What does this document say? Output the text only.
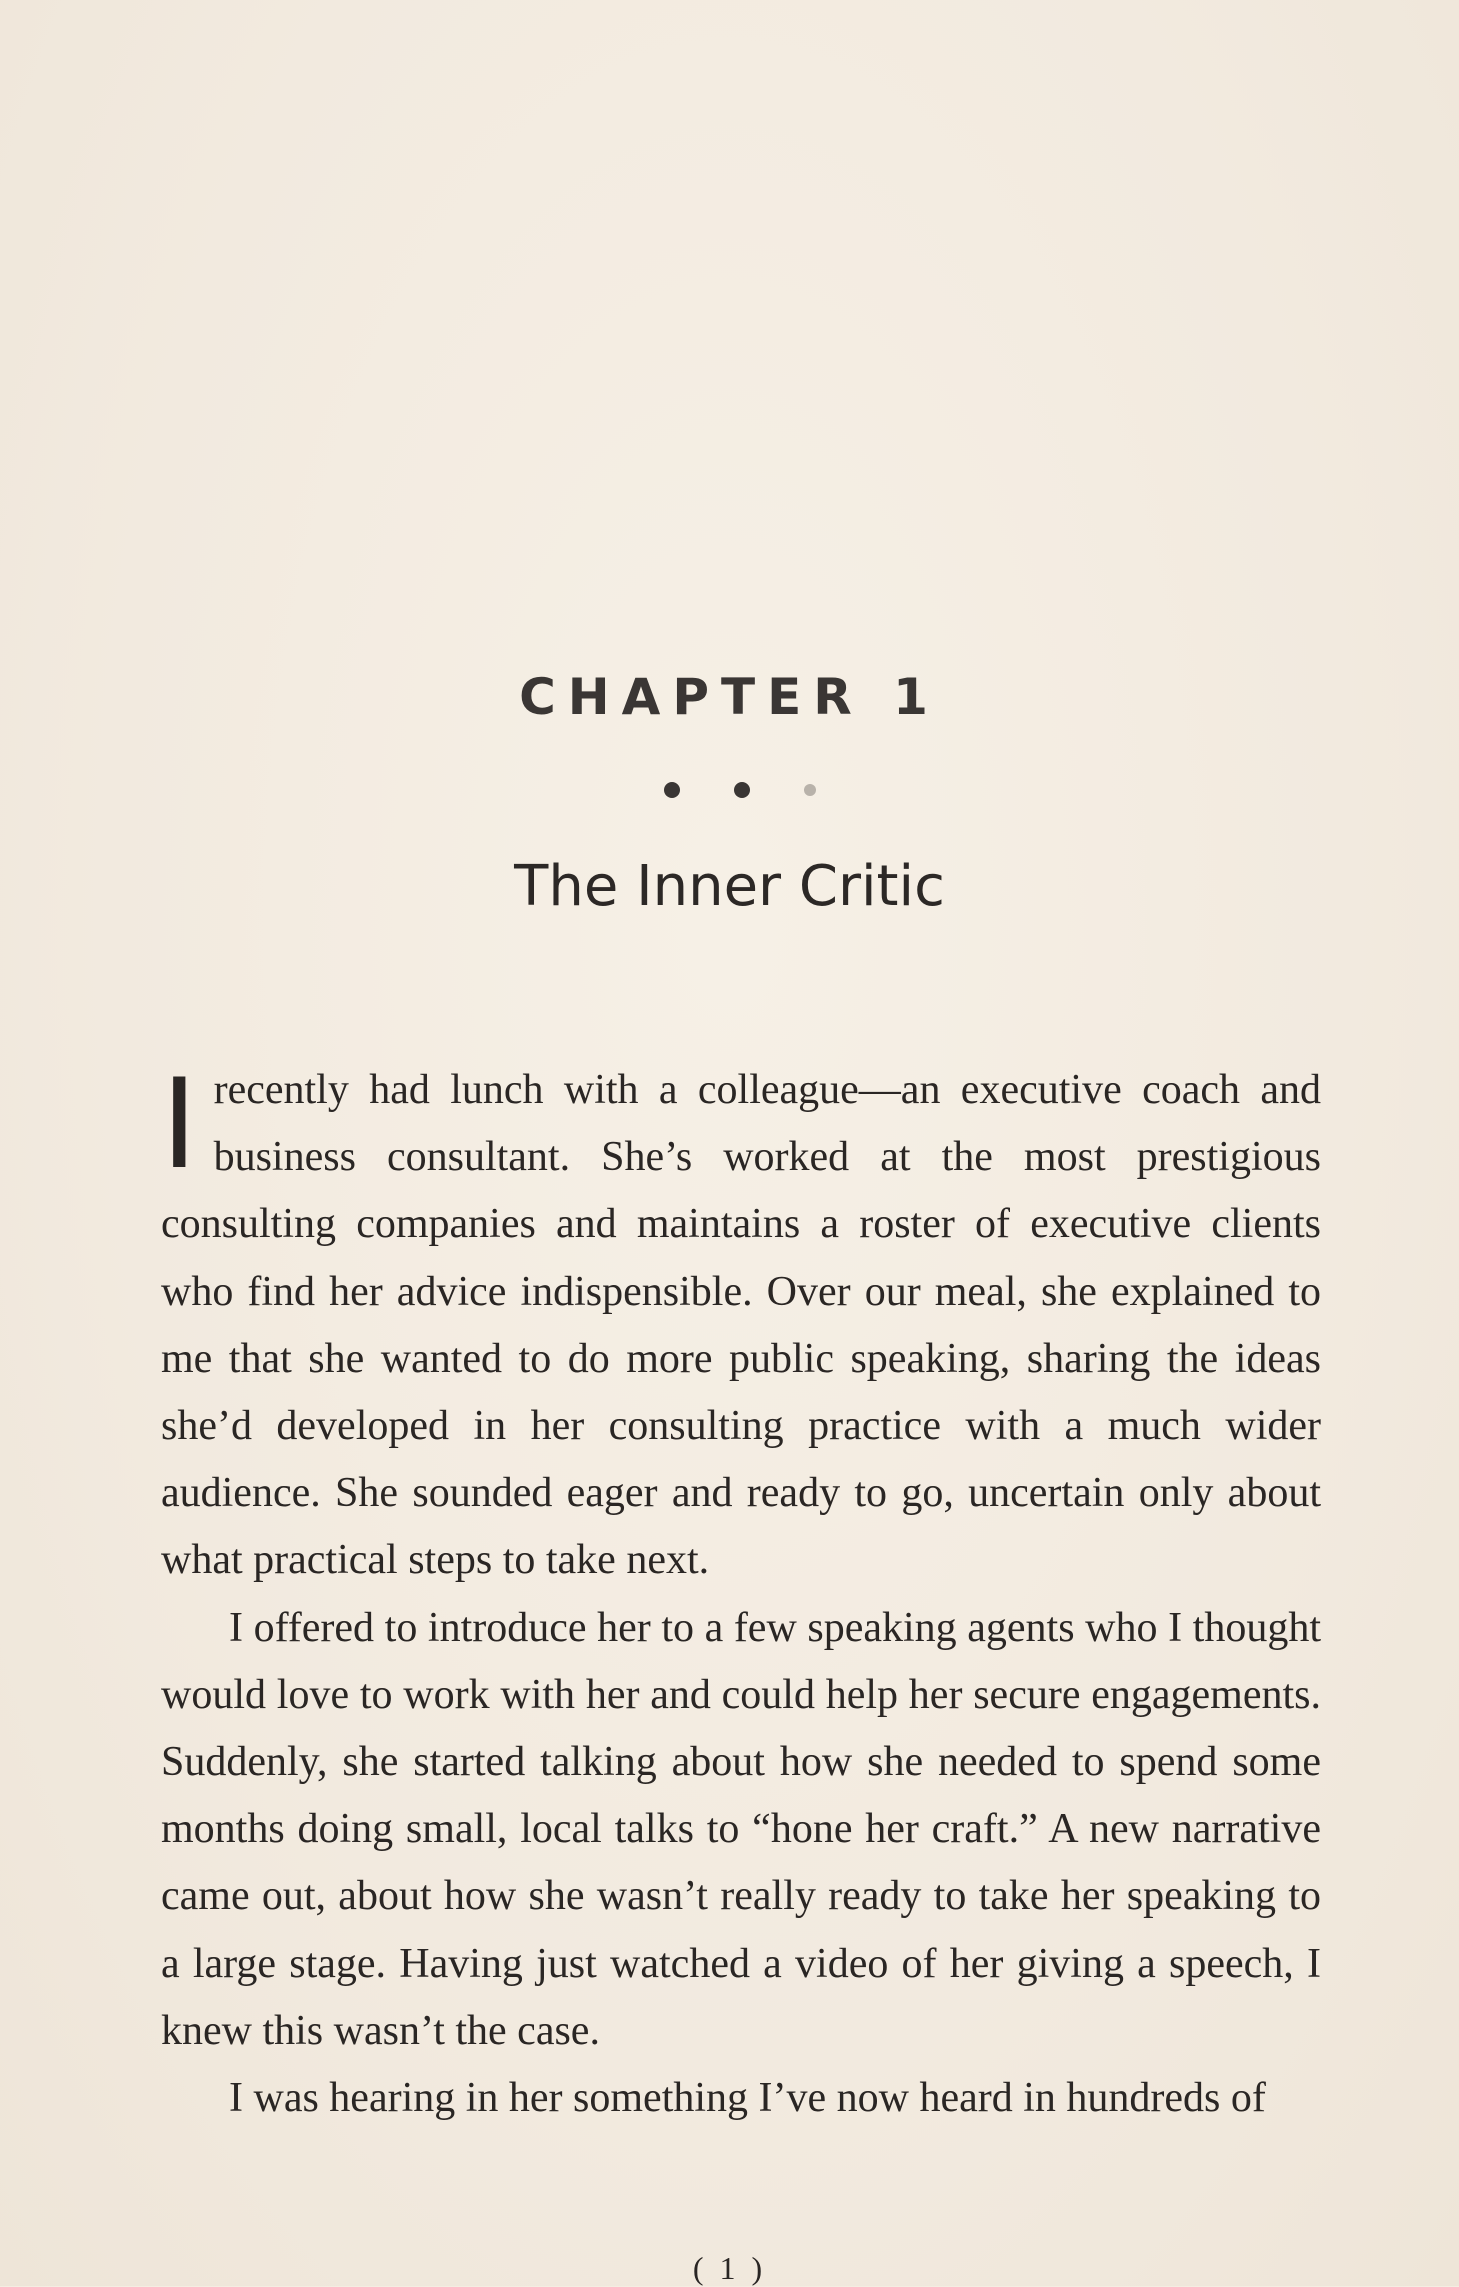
CHAPTER 1
The Inner Critic

I recently had lunch with a colleague—an executive coach and business consultant. She’s worked at the most prestigious consulting companies and maintains a roster of executive clients who find her advice indispensible. Over our meal, she explained to me that she wanted to do more public speaking, sharing the ideas she’d developed in her consulting practice with a much wider audience. She sounded eager and ready to go, uncertain only about what practical steps to take next.

I offered to introduce her to a few speaking agents who I thought would love to work with her and could help her secure engagements. Suddenly, she started talking about how she needed to spend some months doing small, local talks to “hone her craft.” A new narrative came out, about how she wasn’t really ready to take her speaking to a large stage. Having just watched a video of her giving a speech, I knew this wasn’t the case.

I was hearing in her something I’ve now heard in hundreds of

( 1 )
